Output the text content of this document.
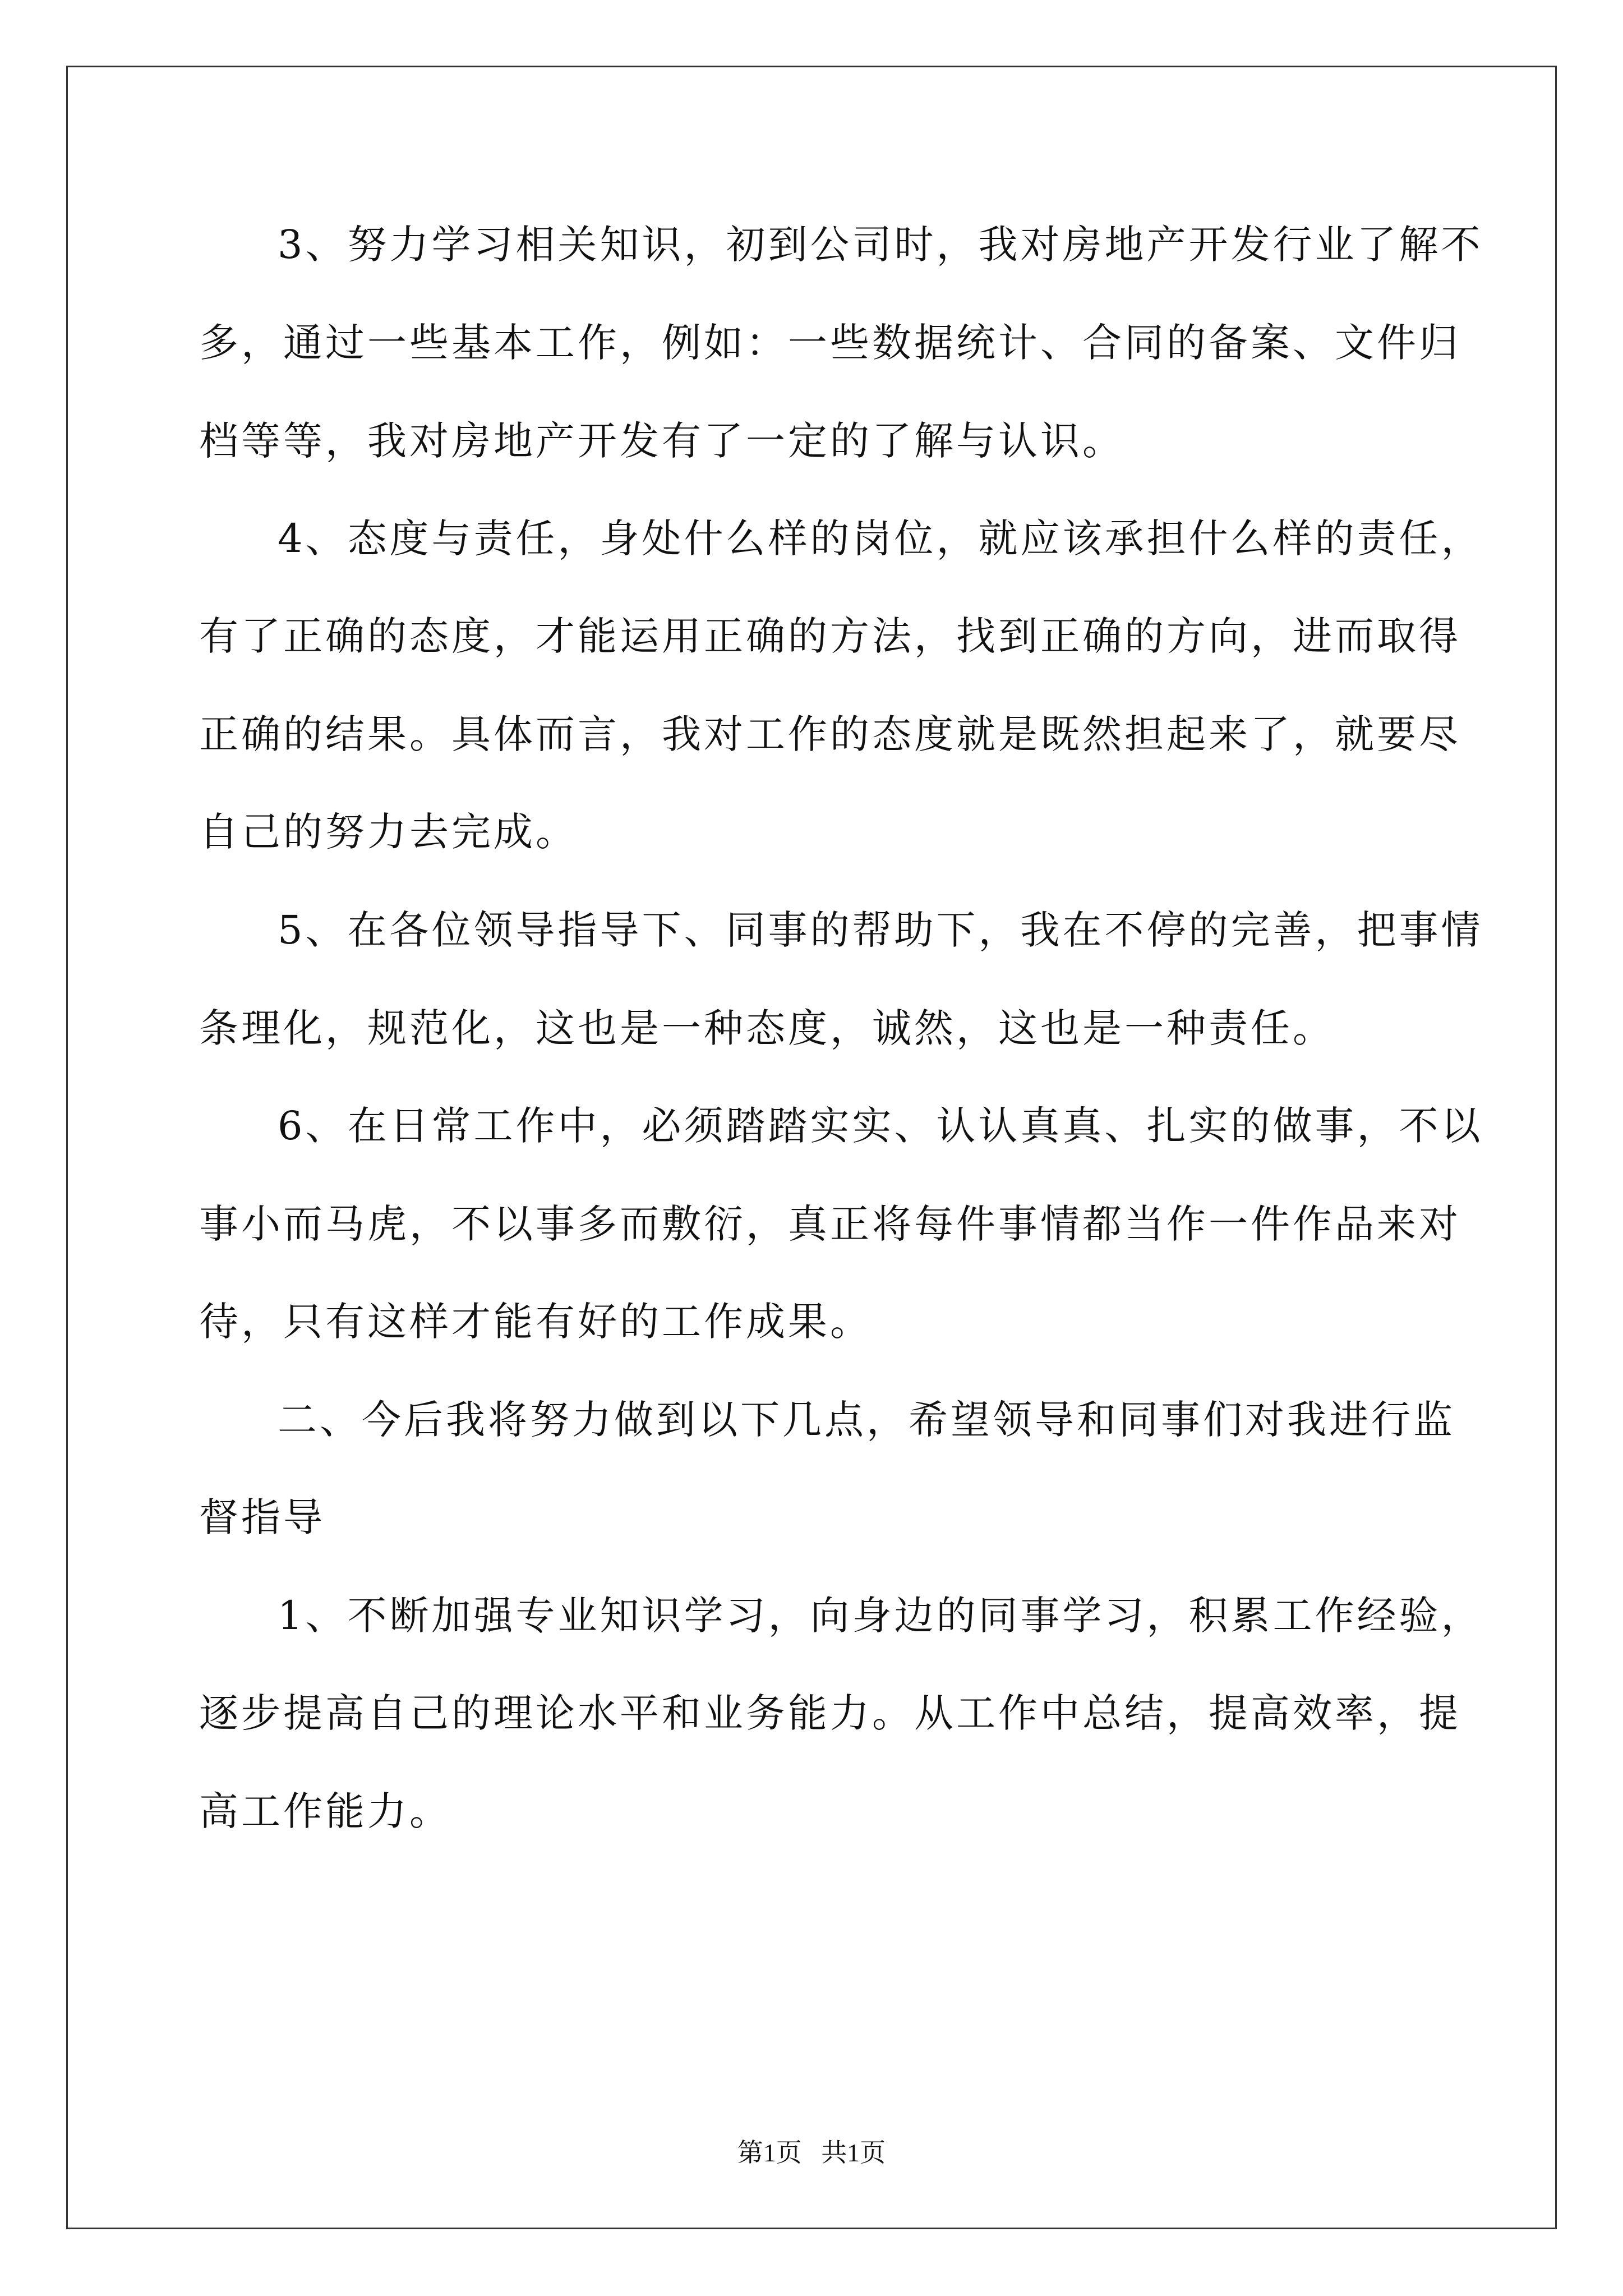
3、努力学习相关知识，初到公司时，我对房地产开发行业了解不
多，通过一些基本工作，例如：一些数据统计、合同的备案、文件归
档等等，我对房地产开发有了一定的了解与认识。
4、态度与责任，身处什么样的岗位，就应该承担什么样的责任，
有了正确的态度，才能运用正确的方法，找到正确的方向，进而取得
正确的结果。具体而言，我对工作的态度就是既然担起来了，就要尽
自己的努力去完成。
5、在各位领导指导下、同事的帮助下，我在不停的完善，把事情
条理化，规范化，这也是一种态度，诚然，这也是一种责任。
6、在日常工作中，必须踏踏实实、认认真真、扎实的做事，不以
事小而马虎，不以事多而敷衍，真正将每件事情都当作一件作品来对
待，只有这样才能有好的工作成果。
二、今后我将努力做到以下几点，希望领导和同事们对我进行监
督指导
1、不断加强专业知识学习，向身边的同事学习，积累工作经验，
逐步提高自己的理论水平和业务能力。从工作中总结，提高效率，提
高工作能力。
第1页   共1页
